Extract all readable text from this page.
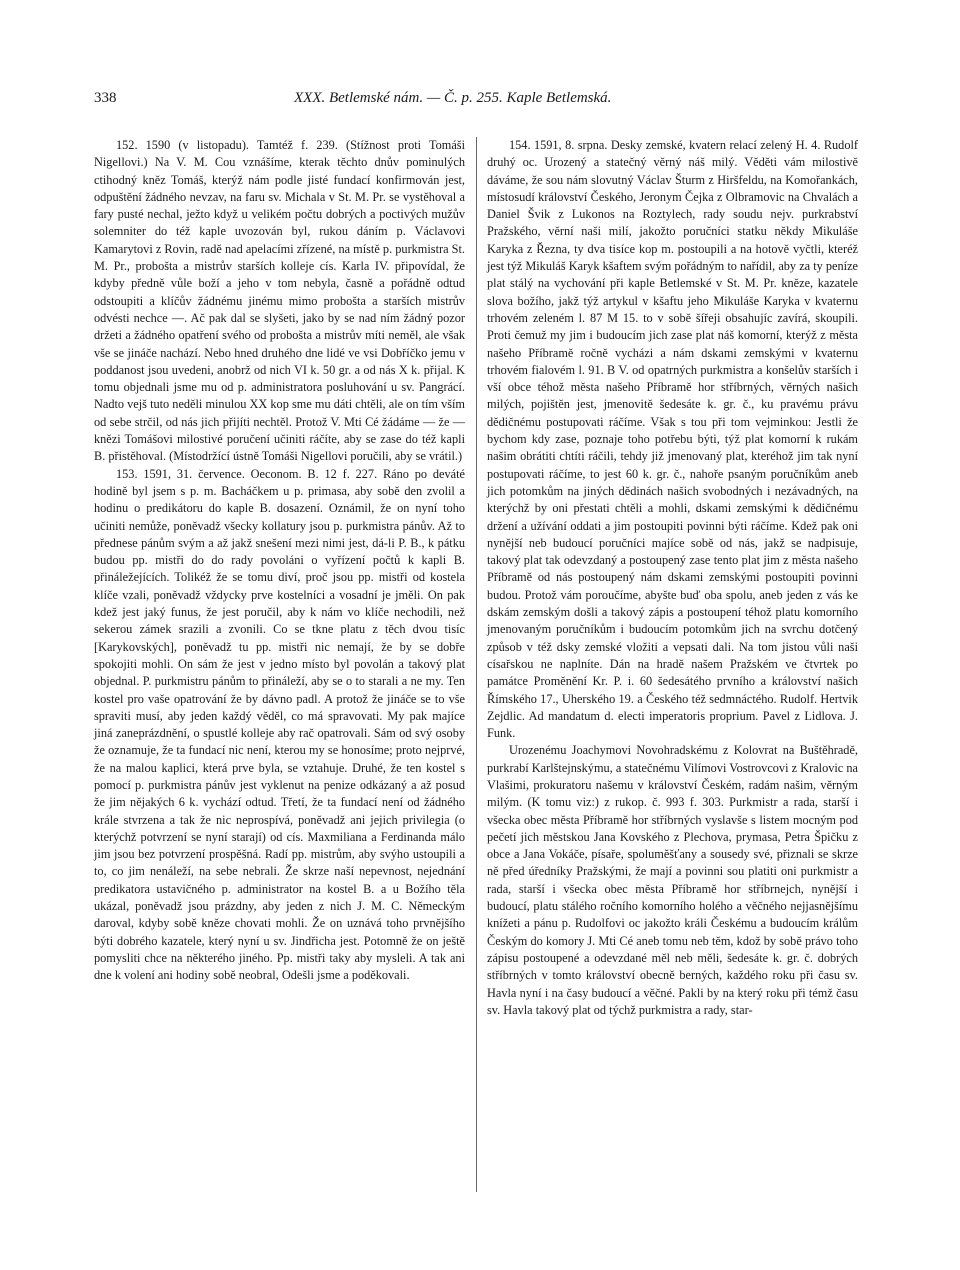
338	XXX. Betlemské nám. — Č. p. 255. Kaple Betlemská.

152. 1590 (v listopadu). Tamtéž f. 239. (Stížnost proti Tomáši Nigellovi.) Na V. M. Cou vznášíme, kterak těchto dnův pominulých ctihodný kněz Tomáš, kterýž nám podle jisté fundací konfirmován jest, odpuštění žádného nevzav, na faru sv. Michala v St. M. Pr. se vystěhoval a fary pusté nechal, ježto když u velikém počtu dobrých a poctivých mužův solemniter do též kaple uvozován byl, rukou dáním p. Václavovi Kamarytovi z Rovin, radě nad apelacími zřízené, na místě p. purkmistra St. M. Pr., probošta a mistrův starších kolleje cís. Karla IV. připovídal, že kdyby předně vůle boží a jeho v tom nebyla, časně a pořádně odtud odstoupiti a klíčův žádnému jinému mimo probošta a starších mistrův odvésti nechce —. Ač pak dal se slyšeti, jako by se nad ním žádný pozor držeti a žádného opatření svého od probošta a mistrův míti neměl, ale však vše se jináče nachází. Nebo hned druhého dne lidé ve vsi Dobříčko jemu v poddanost jsou uvedeni, anobrž od nich VI k. 50 gr. a od nás X k. přijal. K tomu objednali jsme mu od p. administratora posluhování u sv. Pangrácí. Nadto vejš tuto neděli minulou XX kop sme mu dáti chtěli, ale on tím vším od sebe strčil, od nás jich přijíti nechtěl. Protož V. Mti Cé žádáme — že — knězi Tomášovi milostivé poručení učiniti ráčíte, aby se zase do též kapli B. přistěhoval. (Místodržící ústně Tomáši Nigellovi poručili, aby se vrátil.)

153. 1591, 31. července. Oeconom. B. 12 f. 227. Ráno po deváté hodině byl jsem s p. m. Bacháčkem u p. primasa, aby sobě den zvolil a hodinu o predikátoru do kaple B. dosazení. Oznámil, že on nyní toho učiniti nemůže, poněvadž všecky kollatury jsou p. purkmistra pánův. Až to přednese pánům svým a až jakž snešení mezi nimi jest, dá-li P. B., k pátku budou pp. mistři do do rady povoláni o vyřízení počtů k kapli B. přináležejících. Tolikéž že se tomu diví, proč jsou pp. mistři od kostela klíče vzali, poněvadž vždycky prve kostelníci a vosadní je jměli. On pak kdež jest jaký funus, že jest poručil, aby k nám vo klíče nechodili, než sekerou zámek srazili a zvonili. Co se tkne platu z těch dvou tisíc [Karykovských], poněvadž tu pp. mistři nic nemají, že by se dobře spokojiti mohli. On sám že jest v jedno místo byl povolán a takový plat objednal. P. purkmistru pánům to přináleží, aby se o to starali a ne my. Ten kostel pro vaše opatrování že by dávno padl. A protož že jináče se to vše spraviti musí, aby jeden každý věděl, co má spravovati. My pak majíce jiná zaneprázdnění, o spustlé kolleje aby rač opatrovali. Sám od svý osoby že oznamuje, že ta fundací nic není, kterou my se honosíme; proto nejprvé, že na malou kaplici, která prve byla, se vztahuje. Druhé, že ten kostel s pomocí p. purkmistra pánův jest vyklenut na penize odkázaný a až posud že jim nějakých 6 k. vychází odtud. Třetí, že ta fundací není od žádného krále stvrzena a tak že nic neprospívá, poněvadž ani jejich privilegia (o kterýchž potvrzení se nyní starají) od cís. Maxmiliana a Ferdinanda málo jim jsou bez potvrzení prospěšná. Radí pp. mistrům, aby svýho ustoupili a to, co jim nenáleží, na sebe nebrali. Že skrze naší nepevnost, nejednání predikatora ustavičného p. administrator na kostel B. a u Božího těla ukázal, poněvadž jsou prázdny, aby jeden z nich J. M. C. Německým daroval, kdyby sobě kněze chovati mohli. Že on uznává toho prvnějšího býti dobrého kazatele, který nyní u sv. Jindřicha jest. Potomně že on ještě pomysliti chce na některého jiného. Pp. mistři taky aby mysleli. A tak ani dne k volení ani hodiny sobě neobral, Odešli jsme a poděkovali.

154. 1591, 8. srpna. Desky zemské, kvatern relací zelený H. 4. Rudolf druhý oc. Urozený a statečný věrný náš milý. Věděti vám milostivě dáváme, že sou nám slovutný Václav Šturm z Hiršfeldu, na Komořankách, místosudí království Českého, Jeronym Čejka z Olbramovic na Chvalách a Daniel Švik z Lukonos na Roztylech, rady soudu nejv. purkrabství Pražského, věrní naši milí, jakožto poručníci statku někdy Mikuláše Karyka z Řezna, ty dva tisíce kop m. postoupili a na hotově vyčtli, kteréž jest týž Mikuláš Karyk kšaftem svým pořádným to nařídil, aby za ty peníze plat stálý na vychování při kaple Betlemské v St. M. Pr. kněze, kazatele slova božího, jakž týž artykul v kšaftu jeho Mikuláše Karyka v kvaternu trhovém zeleném l. 87 M 15. to v sobě šířeji obsahujíc zavírá, skoupili. Proti čemuž my jim i budoucím jich zase plat náš komorní, kterýž z města našeho Příbramě ročně vycházi a nám dskami zemskými v kvaternu trhovém fialovém l. 91. B V. od opatrných purkmistra a konšelův starších i vší obce téhož města našeho Příbramě hor stříbrných, věrných našich milých, pojištěn jest, jmenovitě šedesáte k. gr. č., ku pravému právu dědičnému postupovati ráčíme. Však s tou při tom vejminkou: Jestli že bychom kdy zase, poznaje toho potřebu býti, týž plat komorní k rukám našim obrátiti chtíti ráčili, tehdy již jmenovaný plat, kteréhož jim tak nyní postupovati ráčíme, to jest 60 k. gr. č., nahoře psaným poručníkům aneb jich potomkům na jiných dědinách našich svobodných i nezávadných, na kterýchž by oni přestati chtěli a mohli, dskami zemskými k dědičnému držení a užívání oddati a jim postoupiti povinni býti ráčíme. Kdež pak oni nynější neb budoucí poručníci majíce sobě od nás, jakž se nadpisuje, takový plat tak odevzdaný a postoupený zase tento plat jim z města našeho Příbramě od nás postoupený nám dskami zemskými postoupiti povinni budou. Protož vám poroučíme, abyšte buď oba spolu, aneb jeden z vás ke dskám zemským došli a takový zápis a postoupení téhož platu komorního jmenovaným poručníkům i budoucím potomkům jich na svrchu dotčený způsob v též dsky zemské vložiti a vepsati dali. Na tom jistou vůli naši císařskou ne naplníte. Dán na hradě našem Pražském ve čtvrtek po památce Proměnění Kr. P. i. 60 šedesátého prvního a království našich Římského 17., Uherského 19. a Českého též sedmnáctého. Rudolf. Hertvik Zejdlic. Ad mandatum d. electi imperatoris proprium. Pavel z Lidlova. J. Funk.

Urozenému Joachymovi Novohradskému z Kolovrat na Buštěhradě, purkrabí Karlštejnskýmu, a statečnému Vilímovi Vostrovcovi z Kralovic na Vlašimi, prokuratoru našemu v království Českém, radám našim, věrným milým. (K tomu viz:) z rukop. č. 993 f. 303. Purkmistr a rada, starší i všecka obec města Příbramě hor stříbrných vyslavše s listem mocným pod pečetí jich městskou Jana Kovského z Plechova, prymasa, Petra Špičku z obce a Jana Vokáče, písaře, spolumĕšťany a sousedy své, přiznali se skrze ně před úředníky Pražskými, že mají a povinni sou platiti oni purkmistr a rada, starší i všecka obec města Příbramě hor stříbrnejch, nynější i budoucí, platu stálého ročního komorního holého a věčného nejjasnějšímu knížeti a pánu p. Rudolfovi oc jakožto králi Českému a budoucím králům Českým do komory J. Mti Cé aneb tomu neb těm, kdož by sobě právo toho zápisu postoupené a odevzdané měl neb měli, šedesáte k. gr. č. dobrých stříbrných v tomto království obecně berných, každého roku při času sv. Havla nyní i na časy budoucí a věčné. Pakli by na který roku při témž času sv. Havla takový plat od týchž purkmistra a rady, star-
